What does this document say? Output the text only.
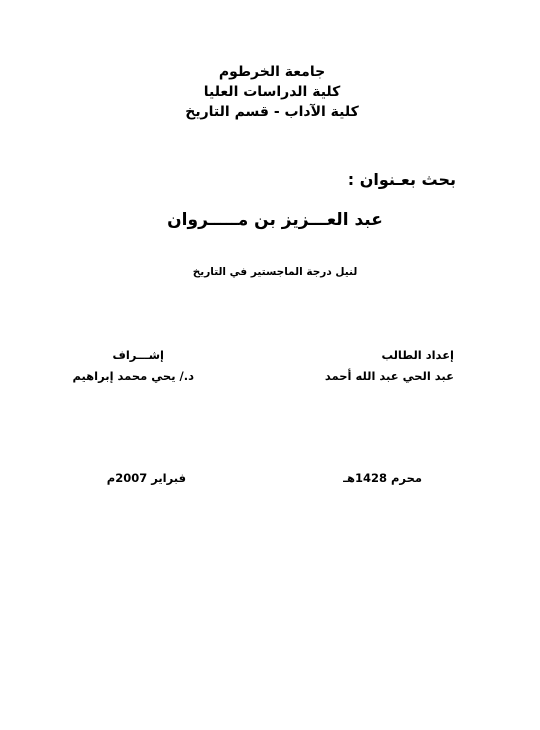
جامعة الخرطوم
كلية الدراسات العليا
كلية الآداب - قسم التاريخ
بحث بعـنوان :
عبد العـــزيز بن مـــــروان
لنيل درجة الماجستير في التاريخ
إعداد الطالب
عبد الحي عبد الله أحمد
إشـــراف
د./ يحي محمد إبراهيم
محرم 1428هـ
فبراير 2007م
